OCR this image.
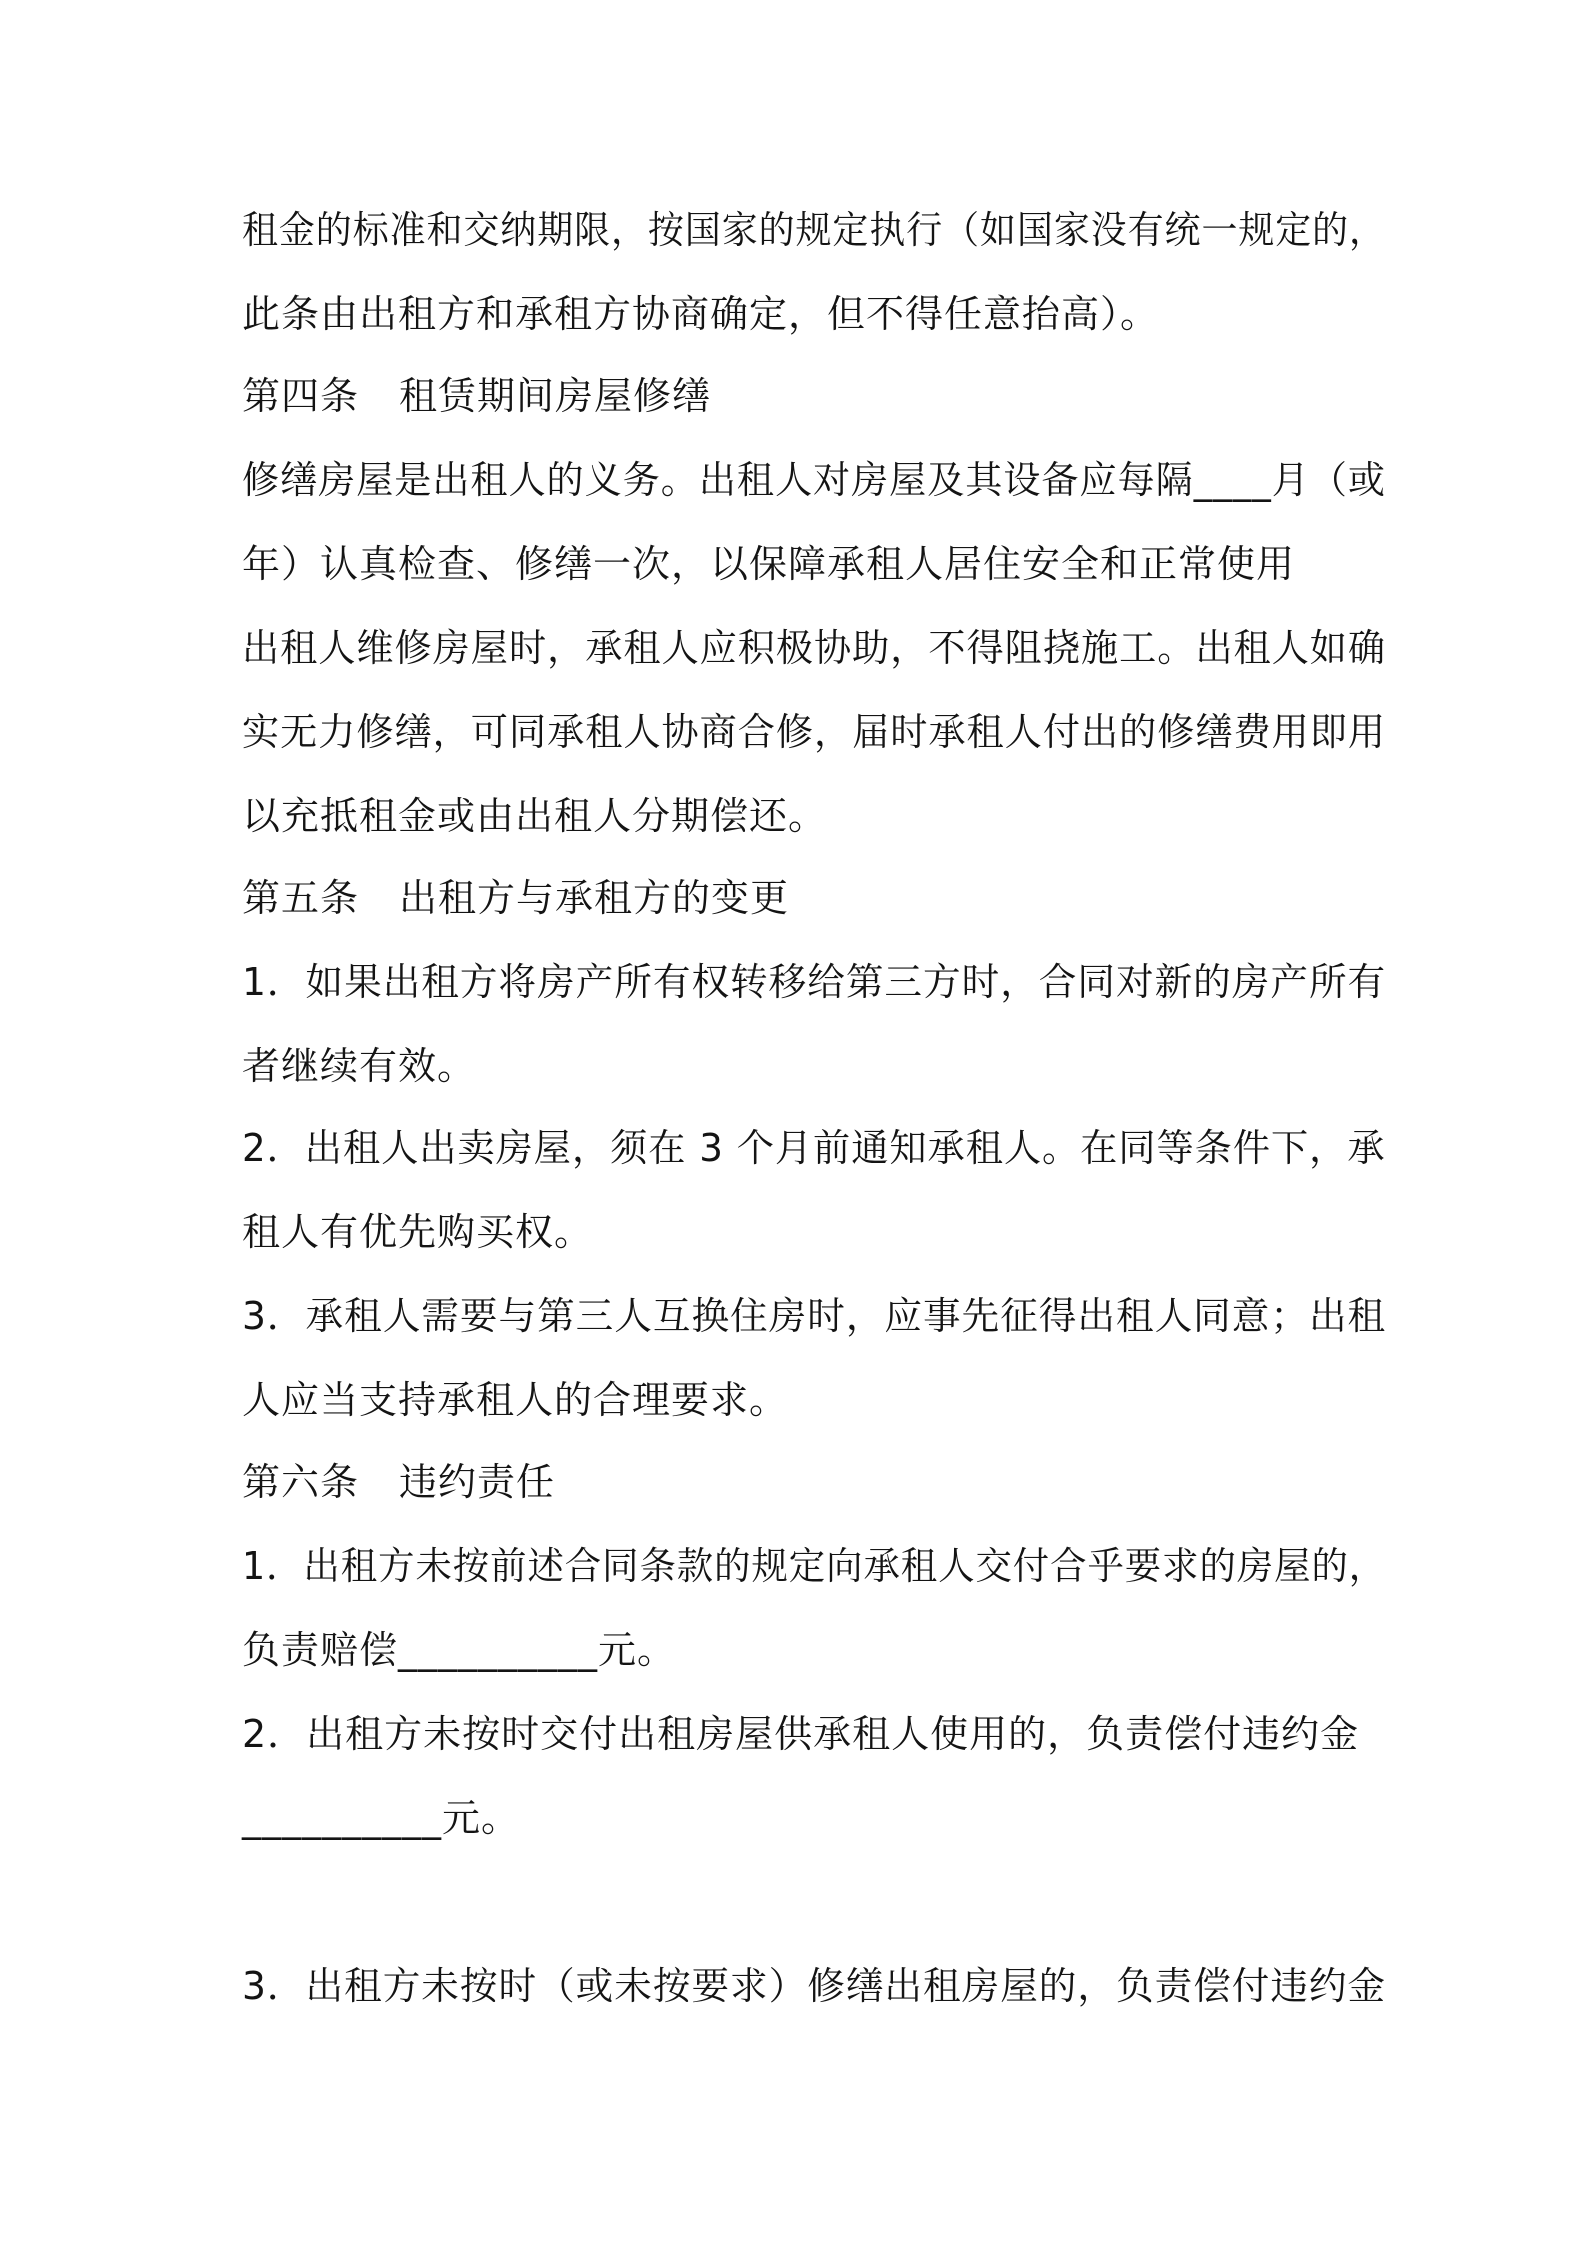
租金的标准和交纳期限，按国家的规定执行（如国家没有统一规定的，

此条由出租方和承租方协商确定，但不得任意抬高）。

第四条 租赁期间房屋修缮

修缮房屋是出租人的义务。出租人对房屋及其设备应每隔____月（或

年）认真检查、修缮一次，以保障承租人居住安全和正常使用

出租人维修房屋时，承租人应积极协助，不得阻挠施工。出租人如确

实无力修缮，可同承租人协商合修，届时承租人付出的修缮费用即用

以充抵租金或由出租人分期偿还。

第五条 出租方与承租方的变更

1．如果出租方将房产所有权转移给第三方时，合同对新的房产所有

者继续有效。

2．出租人出卖房屋，须在 3 个月前通知承租人。在同等条件下，承

租人有优先购买权。

3．承租人需要与第三人互换住房时，应事先征得出租人同意；出租

人应当支持承租人的合理要求。

第六条 违约责任

1．出租方未按前述合同条款的规定向承租人交付合乎要求的房屋的，

负责赔偿__________元。

2．出租方未按时交付出租房屋供承租人使用的，负责偿付违约金

__________元。

3．出租方未按时（或未按要求）修缮出租房屋的，负责偿付违约金
